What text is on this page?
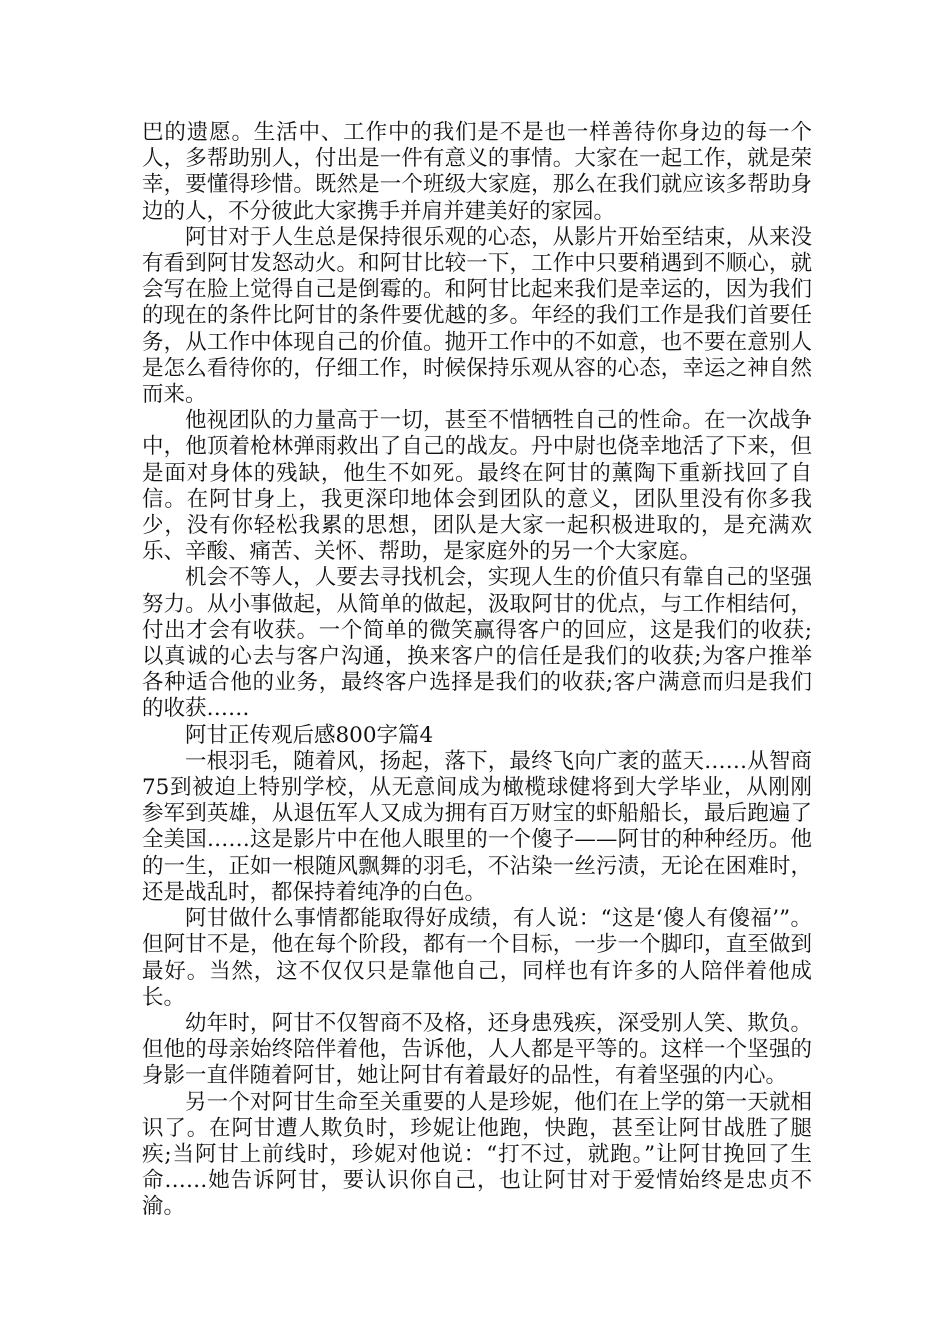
巴的遗愿。生活中、工作中的我们是不是也一样善待你身边的每一个人，多帮助别人，付出是一件有意义的事情。大家在一起工作，就是荣幸，要懂得珍惜。既然是一个班级大家庭，那么在我们就应该多帮助身边的人，不分彼此大家携手并肩并建美好的家园。

阿甘对于人生总是保持很乐观的心态，从影片开始至结束，从来没有看到阿甘发怒动火。和阿甘比较一下，工作中只要稍遇到不顺心，就会写在脸上觉得自己是倒霉的。和阿甘比起来我们是幸运的，因为我们的现在的条件比阿甘的条件要优越的多。年经的我们工作是我们首要任务，从工作中体现自己的价值。抛开工作中的不如意，也不要在意别人是怎么看待你的，仔细工作，时候保持乐观从容的心态，幸运之神自然而来。

他视团队的力量高于一切，甚至不惜牺牲自己的性命。在一次战争中，他顶着枪林弹雨救出了自己的战友。丹中尉也侥幸地活了下来，但是面对身体的残缺，他生不如死。最终在阿甘的薰陶下重新找回了自信。在阿甘身上，我更深印地体会到团队的意义，团队里没有你多我少，没有你轻松我累的思想，团队是大家一起积极进取的，是充满欢乐、辛酸、痛苦、关怀、帮助，是家庭外的另一个大家庭。

机会不等人，人要去寻找机会，实现人生的价值只有靠自己的坚强努力。从小事做起，从简单的做起，汲取阿甘的优点，与工作相结何，付出才会有收获。一个简单的微笑赢得客户的回应，这是我们的收获;以真诚的心去与客户沟通，换来客户的信任是我们的收获;为客户推举各种适合他的业务，最终客户选择是我们的收获;客户满意而归是我们的收获……

阿甘正传观后感800字篇4

一根羽毛，随着风，扬起，落下，最终飞向广袤的蓝天……从智商75到被迫上特别学校，从无意间成为橄榄球健将到大学毕业，从刚刚参军到英雄，从退伍军人又成为拥有百万财宝的虾船船长，最后跑遍了全美国……这是影片中在他人眼里的一个傻子——阿甘的种种经历。他的一生，正如一根随风飘舞的羽毛，不沾染一丝污渍，无论在困难时，还是战乱时，都保持着纯净的白色。

阿甘做什么事情都能取得好成绩，有人说：“这是‘傻人有傻福’”。但阿甘不是，他在每个阶段，都有一个目标，一步一个脚印，直至做到最好。当然，这不仅仅只是靠他自己，同样也有许多的人陪伴着他成长。

幼年时，阿甘不仅智商不及格，还身患残疾，深受别人笑、欺负。但他的母亲始终陪伴着他，告诉他，人人都是平等的。这样一个坚强的身影一直伴随着阿甘，她让阿甘有着最好的品性，有着坚强的内心。

另一个对阿甘生命至关重要的人是珍妮，他们在上学的第一天就相识了。在阿甘遭人欺负时，珍妮让他跑，快跑，甚至让阿甘战胜了腿疾;当阿甘上前线时，珍妮对他说：“打不过，就跑。”让阿甘挽回了生命……她告诉阿甘，要认识你自己，也让阿甘对于爱情始终是忠贞不渝。
